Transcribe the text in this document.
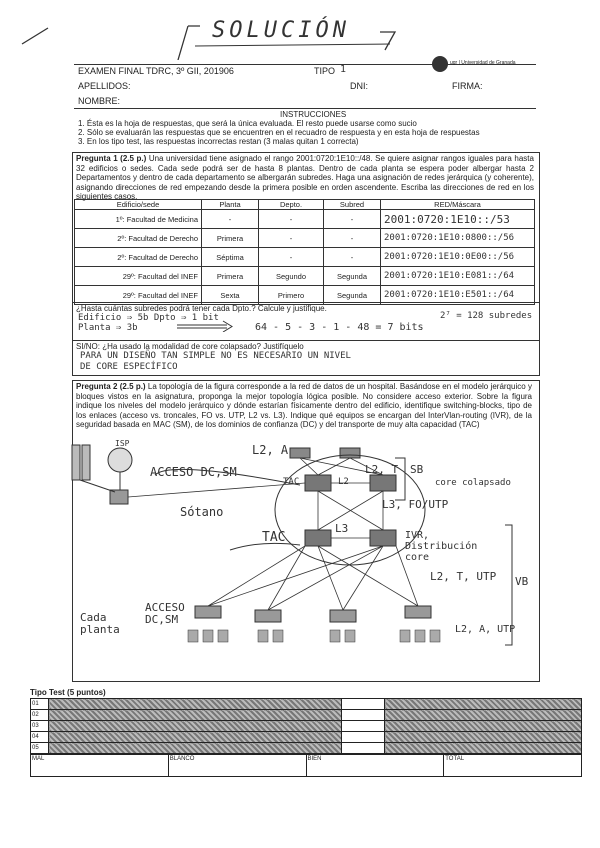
SOLUCIÓN
EXAMEN FINAL TDRC, 3º GII, 201906	TIPO 1
ugr | Universidad de Granada
APELLIDOS:	DNI:	FIRMA:
NOMBRE:
INSTRUCCIONES
1. Ésta es la hoja de respuestas, que será la única evaluada. El resto puede usarse como sucio
2. Sólo se evaluarán las respuestas que se encuentren en el recuadro de respuesta y en esta hoja de respuestas
3. En los tipo test, las respuestas incorrectas restan (3 malas quitan 1 correcta)
Pregunta 1 (2.5 p.) Una universidad tiene asignado el rango 2001:0720:1E10::/48. Se quiere asignar rangos iguales para hasta 32 edificios o sedes. Cada sede podrá ser de hasta 8 plantas. Dentro de cada planta se espera poder albergar hasta 2 Departamentos y dentro de cada departamento se albergarán subredes. Haga una asignación de redes jerárquica (y coherente), asignando direcciones de red empezando desde la primera posible en orden ascendente. Escriba las direcciones de red en los siguientes casos.
Edificio/sede	Planta	Depto.	Subred	RED/Máscara
1º: Facultad de Medicina	-	-	-	2001:0720:1E10::/53
2º: Facultad de Derecho	Primera	-	-	2001:0720:1E10:0800::/56
2º: Facultad de Derecho	Séptima	-	-	2001:0720:1E10:0E00::/56
29º: Facultad del INEF	Primera	Segundo	Segunda	2001:0720:1E10:E081::/64
29º: Facultad del INEF	Sexta	Primero	Segunda	2001:0720:1E10:E501::/64
¿Hasta cuántas subredes podrá tener cada Dpto.? Calcule y justifique.
Edificio ⇒ 5b Dpto ⇒ 1 bit
Planta ⇒ 3b	64 - 5 - 3 - 1 - 48 = 7 bits
2⁷ = 128 subredes
SI/NO: ¿Ha usado la modalidad de core colapsado? Justifíquelo
PARA UN DISEÑO TAN SIMPLE NO ES NECESARIO UN NIVEL
DE CORE ESPECÍFICO
Pregunta 2 (2.5 p.) La topología de la figura corresponde a la red de datos de un hospital. Basándose en el modelo jerárquico y bloques vistos en la asignatura, proponga la mejor topología lógica posible. No considere acceso exterior. Sobre la figura indique los niveles del modelo jerárquico y dónde estarían físicamente dentro del edificio, identifique switching-blocks, tipo de los enlaces (acceso vs. troncales, FO vs. UTP, L2 vs. L3). Indique qué equipos se encargan del InterVlan-routing (IVR), de la seguridad basada en MAC (SM), de los dominios de confianza (DC) y del transporte de muy alta capacidad (TAC)
ISP	L2, A
ACCESO DC,SM	L2, T SB
core colapsado
TAC	L2
L3, FO/UTP
Sótano
TAC
L3
IVR, Distribución core
L2, T, UTP VB
Cada planta
ACCESO DC,SM
L2, A, UTP
Tipo Test (5 puntos)
01			
02			
03			
04			
05			
MAL	BLANCO	BIEN	TOTAL
